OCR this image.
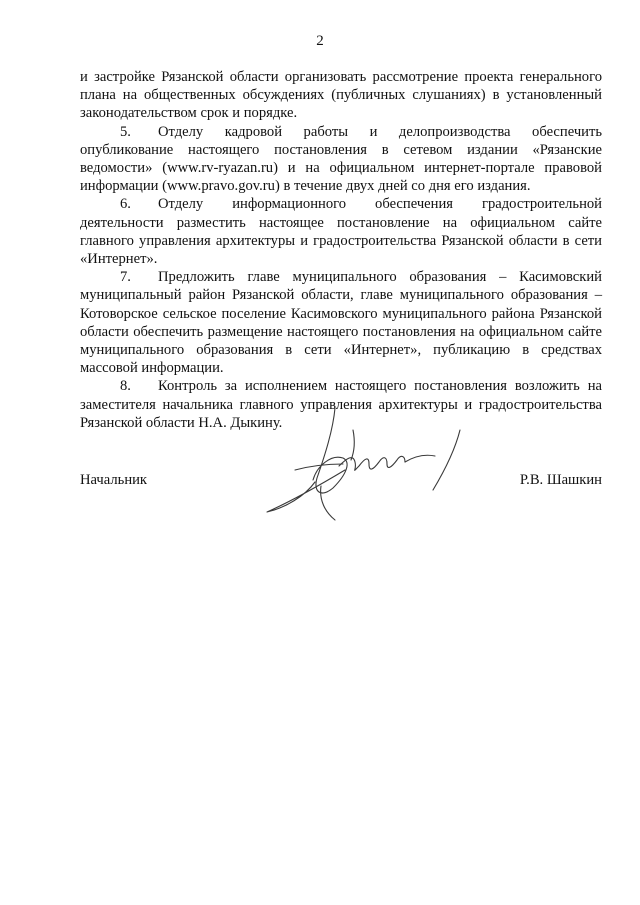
2

и застройке Рязанской области организовать рассмотрение проекта генерального плана на общественных обсуждениях (публичных слушаниях) в установленный законодательством срок и порядке.

5. Отделу кадровой работы и делопроизводства обеспечить опубликование настоящего постановления в сетевом издании «Рязанские ведомости» (www.rv-ryazan.ru) и на официальном интернет-портале правовой информации (www.pravo.gov.ru) в течение двух дней со дня его издания.

6. Отделу информационного обеспечения градостроительной деятельности разместить настоящее постановление на официальном сайте главного управления архитектуры и градостроительства Рязанской области в сети «Интернет».

7. Предложить главе муниципального образования – Касимовский муниципальный район Рязанской области, главе муниципального образования – Котоворское сельское поселение Касимовского муниципального района Рязанской области обеспечить размещение настоящего постановления на официальном сайте муниципального образования в сети «Интернет», публикацию в средствах массовой информации.

8. Контроль за исполнением настоящего постановления возложить на заместителя начальника главного управления архитектуры и градостроительства Рязанской области Н.А. Дыкину.

Начальник	Р.В. Шашкин
